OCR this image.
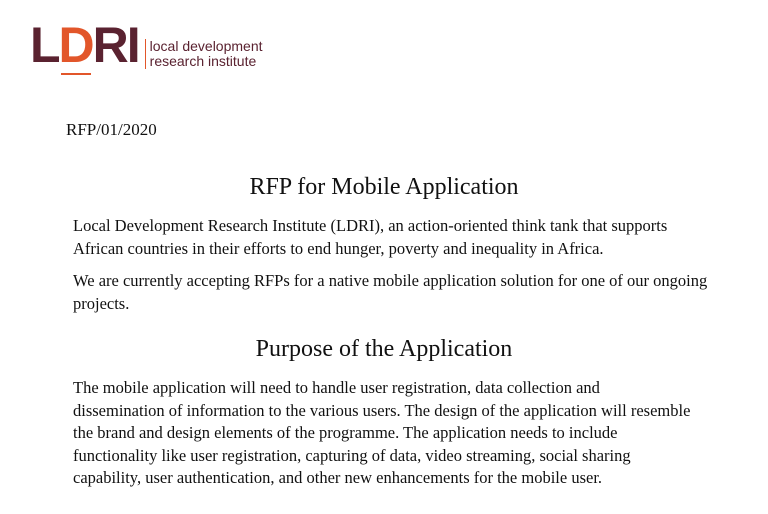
L D RI local development
research institute
RFP/01/2020
RFP for Mobile Application

Local Development Research Institute (LDRI), an action-oriented think tank that supports African countries in their efforts to end hunger, poverty and inequality in Africa.

We are currently accepting RFPs for a native mobile application solution for one of our ongoing projects.

Purpose of the Application

The mobile application will need to handle user registration, data collection and dissemination of information to the various users. The design of the application will resemble the brand and design elements of the programme. The application needs to include functionality like user registration, capturing of data, video streaming, social sharing capability, user authentication, and other new enhancements for the mobile user.
